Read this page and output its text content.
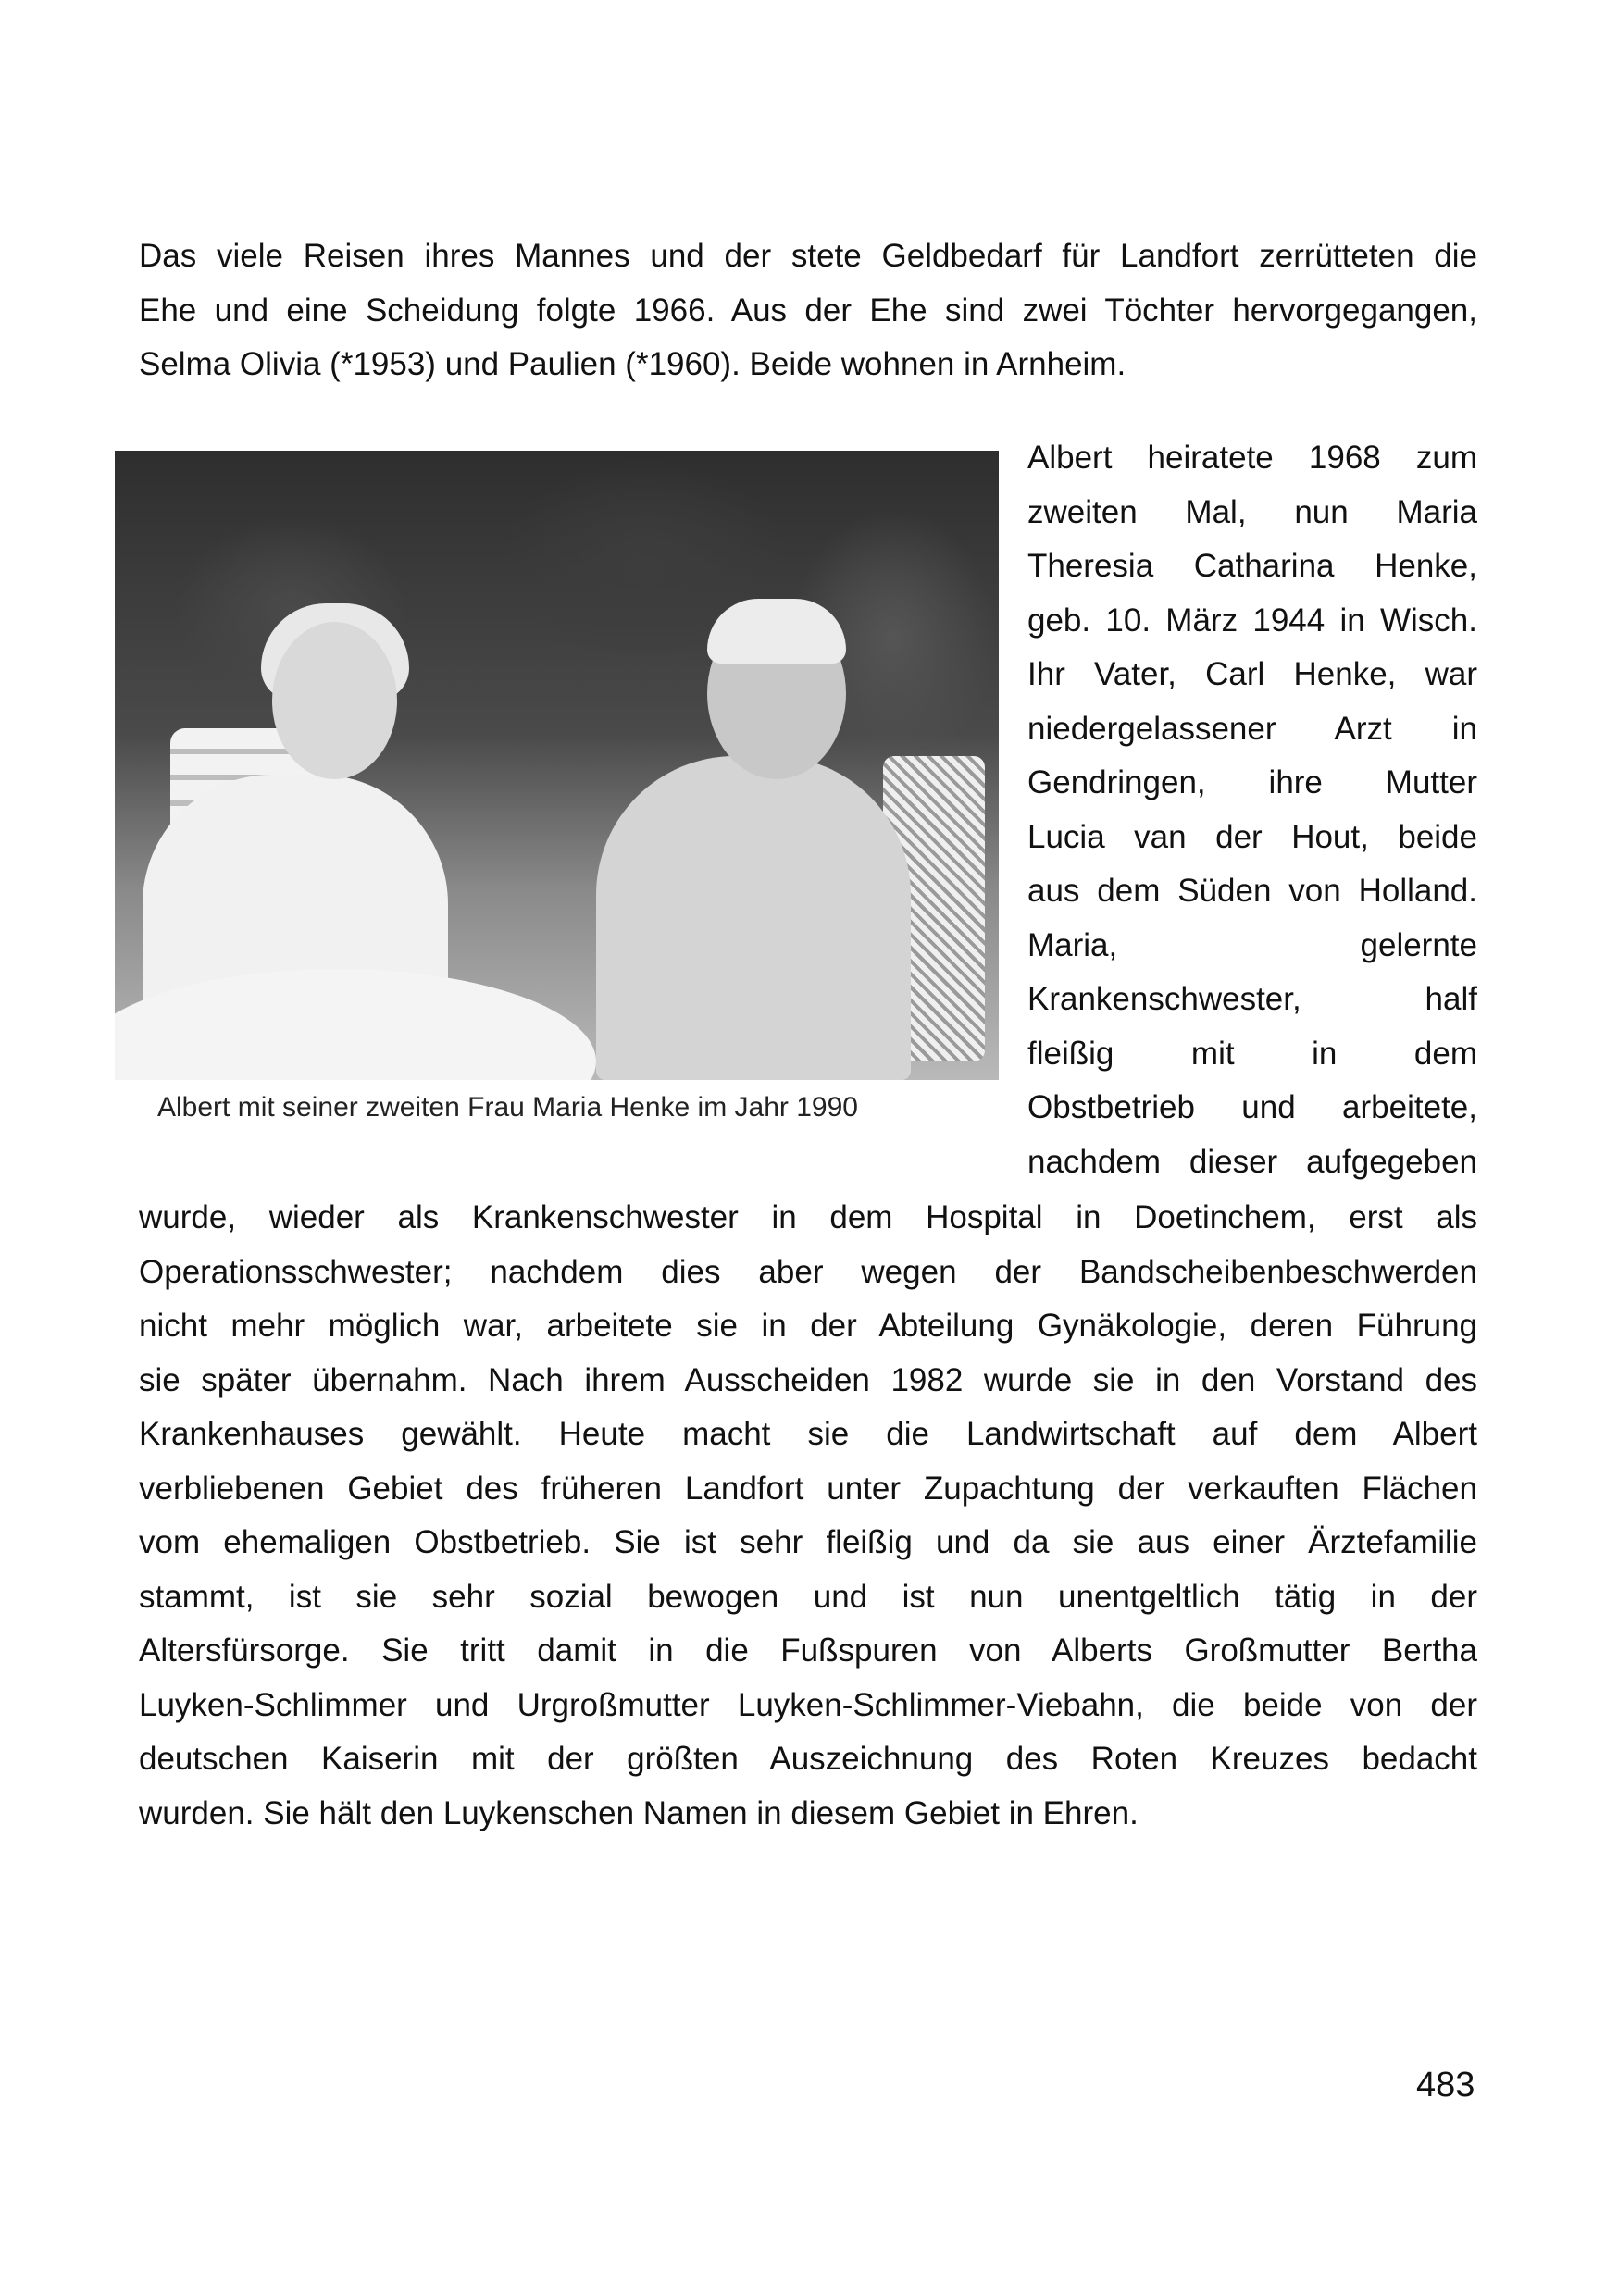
Das viele Reisen ihres Mannes und der stete Geldbedarf für Landfort zerrütteten die
Ehe und eine Scheidung folgte 1966. Aus der Ehe sind zwei Töchter hervorgegangen,
Selma Olivia (*1953) und Paulien (*1960). Beide wohnen in Arnheim.
Albert mit seiner zweiten Frau Maria Henke im Jahr 1990
Albert heiratete 1968 zum
zweiten Mal, nun Maria
Theresia Catharina Henke,
geb. 10. März 1944 in Wisch.
Ihr Vater, Carl Henke, war
niedergelassener Arzt in
Gendringen, ihre Mutter
Lucia van der Hout, beide
aus dem Süden von Holland.
Maria, gelernte
Krankenschwester, half
fleißig mit in dem
Obstbetrieb und arbeitete,
nachdem dieser aufgegeben
wurde, wieder als Krankenschwester in dem Hospital in Doetinchem, erst als
Operationsschwester; nachdem dies aber wegen der Bandscheibenbeschwerden
nicht mehr möglich war, arbeitete sie in der Abteilung Gynäkologie, deren Führung
sie später übernahm. Nach ihrem Ausscheiden 1982 wurde sie in den Vorstand des
Krankenhauses gewählt. Heute macht sie die Landwirtschaft auf dem Albert
verbliebenen Gebiet des früheren Landfort unter Zupachtung der verkauften Flächen
vom ehemaligen Obstbetrieb. Sie ist sehr fleißig und da sie aus einer Ärztefamilie
stammt, ist sie sehr sozial bewogen und ist nun unentgeltlich tätig in der
Altersfürsorge. Sie tritt damit in die Fußspuren von Alberts Großmutter Bertha
Luyken-Schlimmer und Urgroßmutter Luyken-Schlimmer-Viebahn, die beide von der
deutschen Kaiserin mit der größten Auszeichnung des Roten Kreuzes bedacht
wurden. Sie hält den Luykenschen Namen in diesem Gebiet in Ehren.
483
